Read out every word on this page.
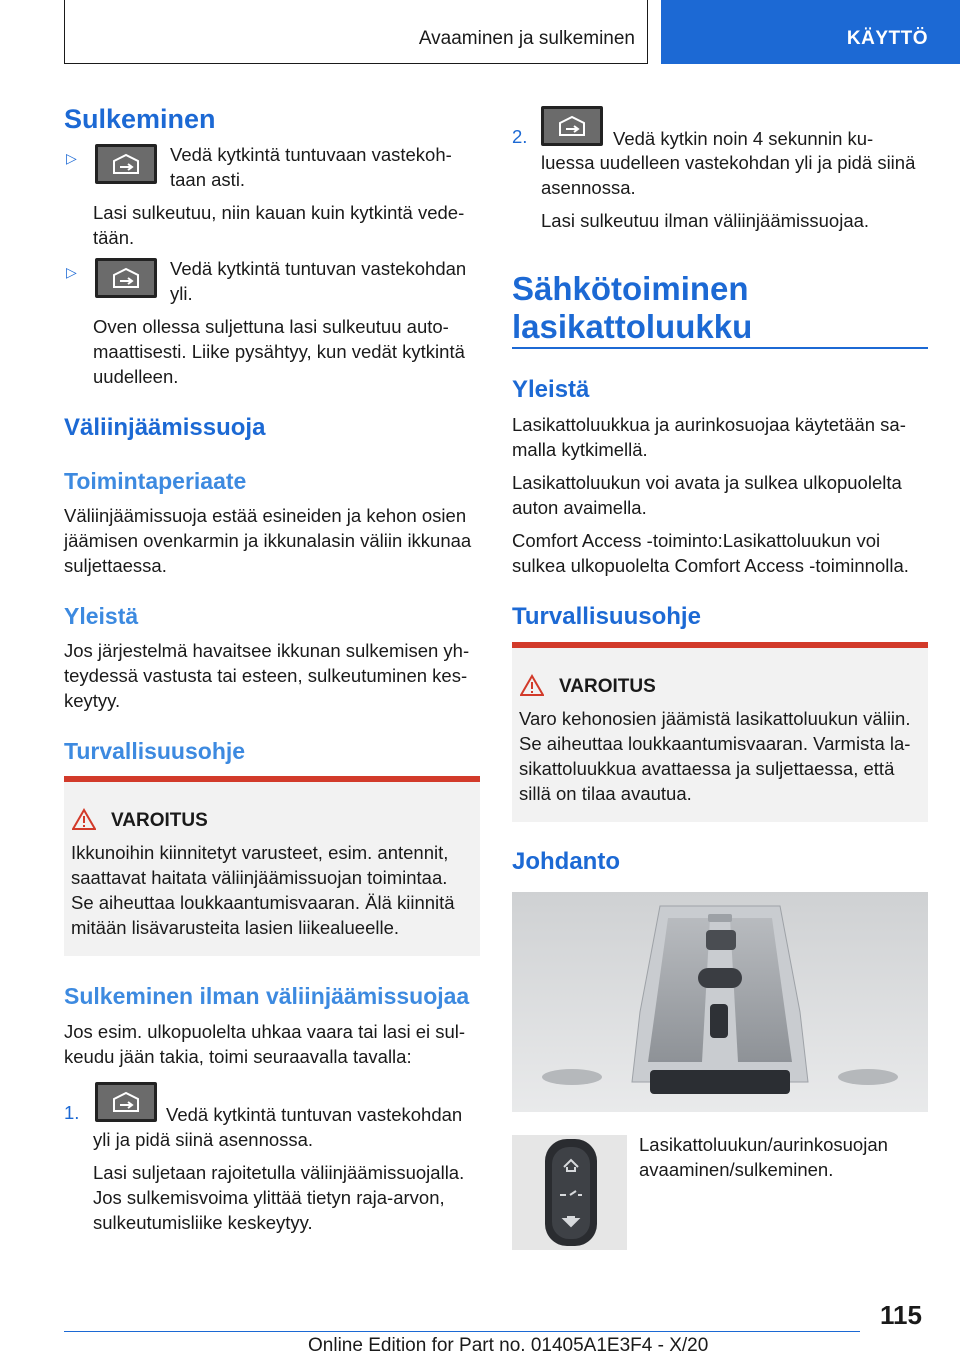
Avaaminen ja sulkeminen	KÄYTTÖ
Sulkeminen
▷	Vedä kytkintä tuntuvaan vastekoh-
taan asti.
Lasi sulkeutuu, niin kauan kuin kytkintä vede-
tään.
▷	Vedä kytkintä tuntuvan vastekohdan
yli.
Oven ollessa suljettuna lasi sulkeutuu auto-
maattisesti. Liike pysähtyy, kun vedät kytkintä
uudelleen.
Väliinjäämissuoja
Toimintaperiaate
Väliinjäämissuoja estää esineiden ja kehon osien
jäämisen ovenkarmin ja ikkunalasin väliin ikkunaa
suljettaessa.
Yleistä
Jos järjestelmä havaitsee ikkunan sulkemisen yh-
teydessä vastusta tai esteen, sulkeutuminen kes-
keytyy.
Turvallisuusohje
VAROITUS
Ikkunoihin kiinnitetyt varusteet, esim. antennit,
saattavat haitata väliinjäämissuojan toimintaa.
Se aiheuttaa loukkaantumisvaaran. Älä kiinnitä
mitään lisävarusteita lasien liikealueelle.
Sulkeminen ilman väliinjäämissuojaa
Jos esim. ulkopuolelta uhkaa vaara tai lasi ei sul-
keudu jään takia, toimi seuraavalla tavalla:
1.	Vedä kytkintä tuntuvan vastekohdan
yli ja pidä siinä asennossa.
Lasi suljetaan rajoitetulla väliinjäämissuojalla.
Jos sulkemisvoima ylittää tietyn raja-arvon,
sulkeutumisliike keskeytyy.
2.	Vedä kytkin noin 4 sekunnin ku-
luessa uudelleen vastekohdan yli ja pidä siinä
asennossa.
Lasi sulkeutuu ilman väliinjäämissuojaa.
Sähkötoiminen
lasikattoluukku
Yleistä
Lasikattoluukkua ja aurinkosuojaa käytetään sa-
malla kytkimellä.
Lasikattoluukun voi avata ja sulkea ulkopuolelta
auton avaimella.
Comfort Access -toiminto:Lasikattoluukun voi
sulkea ulkopuolelta Comfort Access -toiminnolla.
Turvallisuusohje
VAROITUS
Varo kehonosien jäämistä lasikattoluukun väliin.
Se aiheuttaa loukkaantumisvaaran. Varmista la-
sikattoluukkua avattaessa ja suljettaessa, että
sillä on tilaa avautua.
Johdanto
Lasikattoluukun/aurinkosuojan
avaaminen/sulkeminen.
115
Online Edition for Part no. 01405A1E3F4 - X/20
